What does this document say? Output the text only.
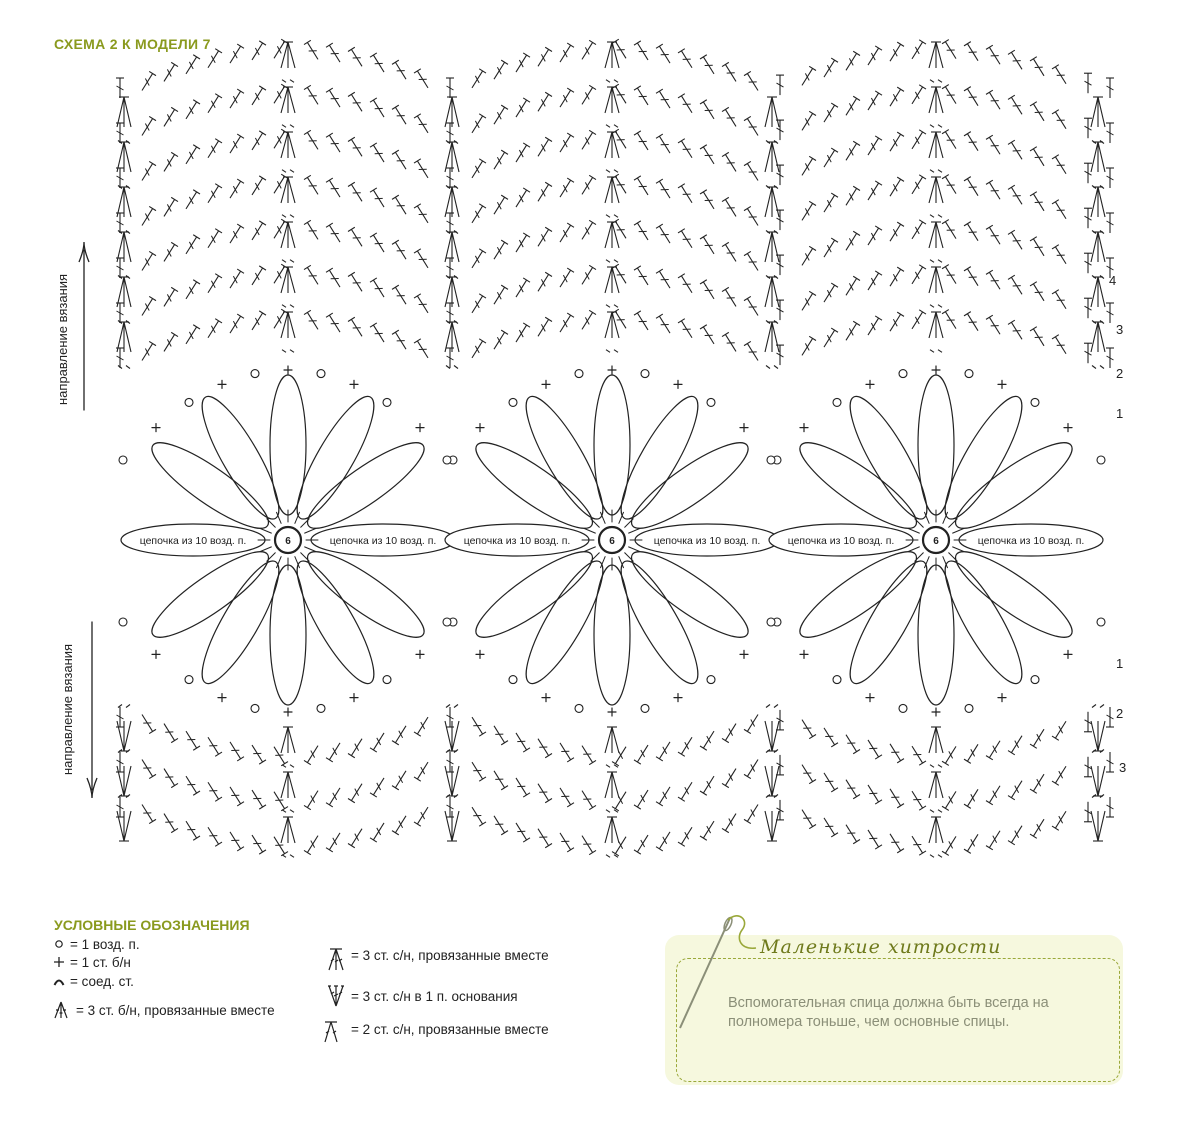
цепочка из 10 возд. п.	цепочка из 10 возд. п.
6	цепочка из 10 возд. п.	цепочка из 10 возд. п.
6	цепочка из 10 возд. п.	цепочка из 10 возд. п.
6
СХЕМА 2 К МОДЕЛИ 7
направление вязания
направление вязания
4
3
2
1
1
2
3
УСЛОВНЫЕ ОБОЗНАЧЕНИЯ
= 1 возд. п.
= 1 ст. б/н
= соед. ст.
= 3 ст. б/н, провязанные вместе
= 3 ст. с/н, провязанные вместе
= 3 ст. с/н в 1 п. основания
= 2 ст. с/н, провязанные вместе
Маленькие хитрости
Вспомогательная спица должна быть всегда на полномера тоньше, чем основные спицы.
